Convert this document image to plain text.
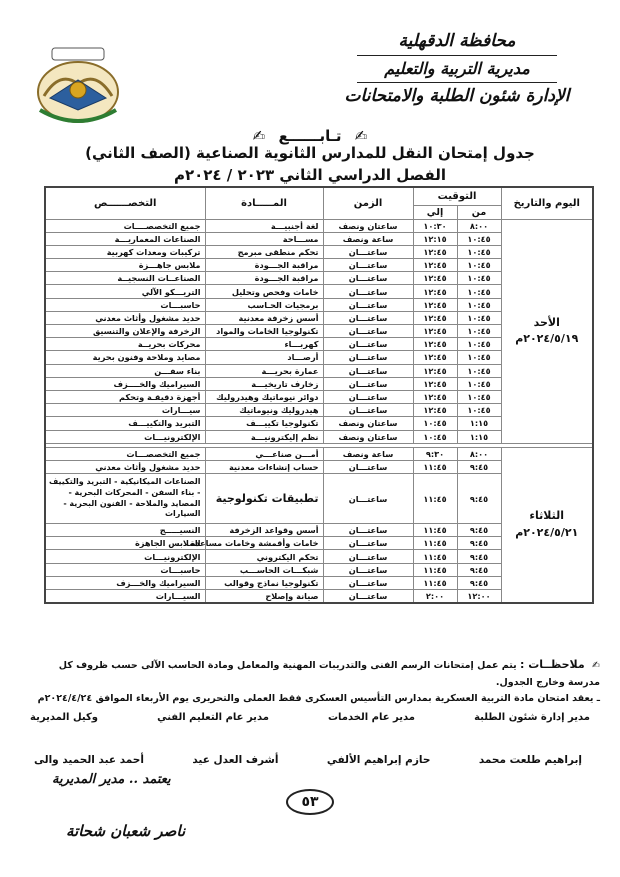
محافظة الدقهلية
مديرية التربية والتعليم
الإدارة شئون الطلبة والامتحانات
✍ تـابــــــع ✍
جدول إمتحان النقل للمدارس الثانوية الصناعية (الصف الثاني)
الفصل الدراسي الثاني ٢٠٢٣ / ٢٠٢٤م
اليوم والتاريخ	التوقيت		الزمن	المـــــادة	التخصــــــص
	من	إلي			

الأحد
٢٠٢٤/٥/١٩م	٨:٠٠	١٠:٣٠	ساعتان ونصف	لغة أجنبيـــة	جميع التخصصــــات
	١٠:٤٥	١٢:١٥	ساعة ونصف	مســـاحة	الصناعات المعماريـــة
	١٠:٤٥	١٢:٤٥	ساعتـــان	تحكم منطقى مبرمج	تركيبات ومعدات كهربية
	١٠:٤٥	١٢:٤٥	ساعتـــان	مراقبة الجـــودة	ملابس جاهـــزة
	١٠:٤٥	١٢:٤٥	ساعتـــان	مراقبة الجـــودة	الصناعــات النسجيــة
	١٠:٤٥	١٢:٤٥	ساعتـــان	خامات وفحص وتحليل	التريـــكو الآلي
	١٠:٤٥	١٢:٤٥	ساعتـــان	برمجيات الحـاسب	حاسبـــات
	١٠:٤٥	١٢:٤٥	ساعتـــان	أسس زخرفة معدنية	حديد مشغول وأثاث معدني
	١٠:٤٥	١٢:٤٥	ساعتـــان	تكنولوجيا الخامات والمواد	الزخرفة والإعلان والتنسيق
	١٠:٤٥	١٢:٤٥	ساعتـــان	كهربـــاء	محركات بحريــة
	١٠:٤٥	١٢:٤٥	ساعتـــان	أرصـــاد	مصايد وملاحة وفنون بحرية
	١٠:٤٥	١٢:٤٥	ساعتـــان	عمارة بحريـــة	بناء سفـــن
	١٠:٤٥	١٢:٤٥	ساعتـــان	زخارف تاريخيـــة	السيراميك والخــــزف
	١٠:٤٥	١٢:٤٥	ساعتـــان	دوائر نيوماتيك وهيدروليك	أجهزة دقيقـة وتحكم
	١٠:٤٥	١٢:٤٥	ساعتـــان	هيدروليك ونيوماتيك	سيـــارات
	١:١٥	١٠:٤٥	ساعتان ونصف	تكنولوجيا تكييـــف	التبريد والتكييـــف
	١:١٥	١٠:٤٥	ساعتان ونصف	نظم إليكترونيـــة	الإلكترونيـــات

الثلاثاء
٢٠٢٤/٥/٢١م	٨:٠٠	٩:٣٠	ساعة ونصف	أمـــن صناعـــي	جميع التخصصـــات
	٩:٤٥	١١:٤٥	ساعتـــان	حساب إنشاءات معدنية	حديد مشغول وأثاث معدني
	٩:٤٥	١١:٤٥	ساعتـــان	تطبيقات تكنولوجية	الصناعات الميكانيكية - التبريد والتكييف - بناء السفن - المحركات البحرية - المصايد والملاحة - الفنون البحرية - السيارات
	٩:٤٥	١١:٤٥	ساعتـــان	أسس وقواعد الزخرفة	النسيـــــج
	٩:٤٥	١١:٤٥	ساعتـــان	خامات وأقمشة وخامات مساعدة	الملابس الجاهزة
	٩:٤٥	١١:٤٥	ساعتـــان	تحكم اليكتروني	الإلكترونيـــات
	٩:٤٥	١١:٤٥	ساعتـــان	شبكـــات الحاســـب	حاسبـــات
	٩:٤٥	١١:٤٥	ساعتـــان	تكنولوجيا نماذج وقوالب	السيراميك والخـــزف
	١٢:٠٠	٢:٠٠	ساعتـــان	صيانة وإصلاح	السيـــارات
✍ ملاحظــات : يتم عمل إمتحانات الرسم الفنى والتدريبات المهنية والمعامل ومادة الحاسب الآلى حسب ظروف كل مدرسة وخارج الجدول.
ـ يعقد امتحان مادة التربية العسكرية بمدارس التأسيس العسكرى فقط العملى والتحريرى يوم الأربعاء الموافق ٢٠٢٤/٤/٢٤م
مدير إدارة شئون الطلبة
مدير عام الخدمات
مدير عام التعليم الفني
وكيل المديرية
إبراهيم طلعت محمد
حازم إبراهيم الألفي
أشرف العدل عيد
أحمد عبد الحميد والى
يعتمد .. مدير المديرية
٥٣
ناصر شعبان شحاتة
